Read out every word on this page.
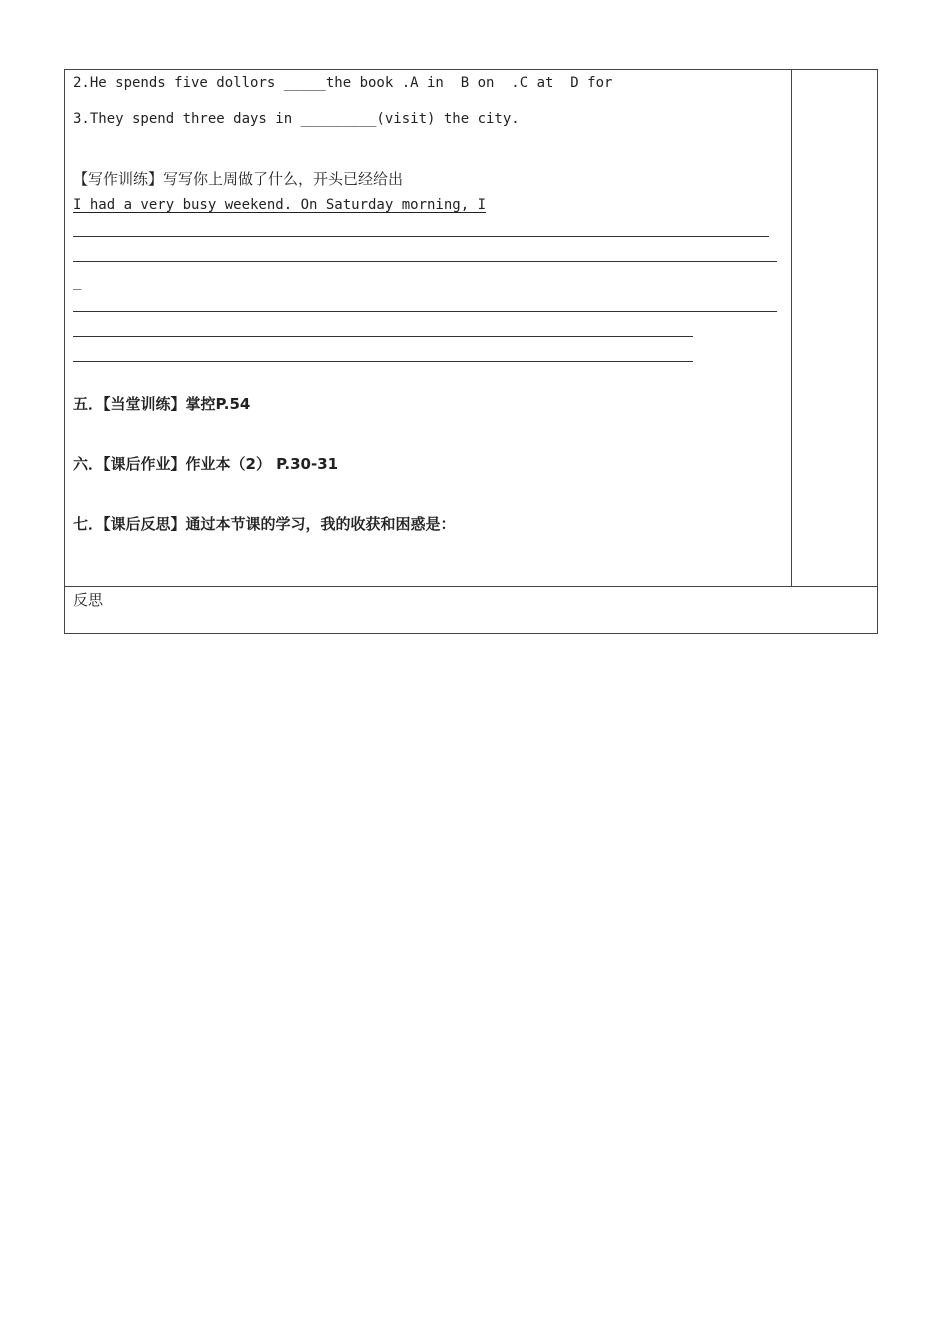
2.He spends five dollors _____the book .A in  B on  .C at  D for
3.They spend three days in _________(visit) the city.
【写作训练】写写你上周做了什么，开头已经给出
I had a very busy weekend. On Saturday morning, I
_
五．【当堂训练】掌控P.54
六．【课后作业】作业本（2） P.30-31
七．【课后反思】通过本节课的学习，我的收获和困惑是：
反思
